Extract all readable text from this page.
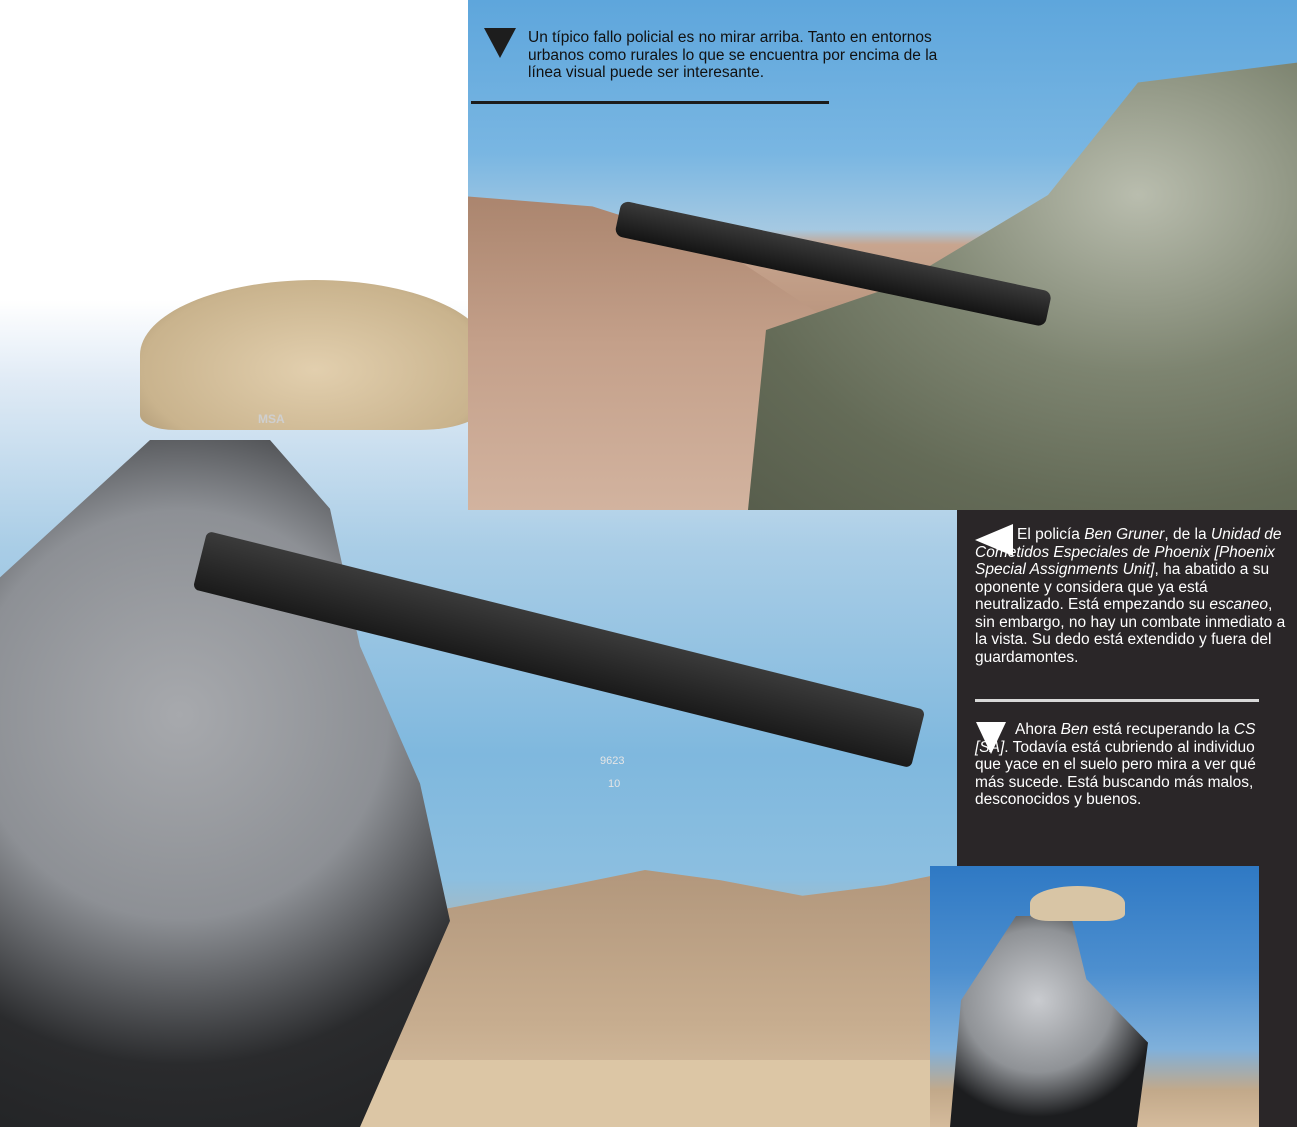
MSA
9623
10
Un típico fallo policial es no mirar arriba. Tanto en entornos urbanos como rurales lo que se encuentra por encima de la línea visual puede ser interesante.
El policía Ben Gruner, de la Unidad de Cometidos Especiales de Phoenix [Phoenix Special Assignments Unit], ha abatido a su oponente y considera que ya está neutralizado. Está empezando su escaneo, sin embargo, no hay un combate inmediato a la vista. Su dedo está extendido y fuera del guardamontes.
Ahora Ben está recuperando la CS [SA]. Todavía está cubriendo al individuo que yace en el suelo pero mira a ver qué más sucede. Está buscando más malos, desconocidos y buenos.
